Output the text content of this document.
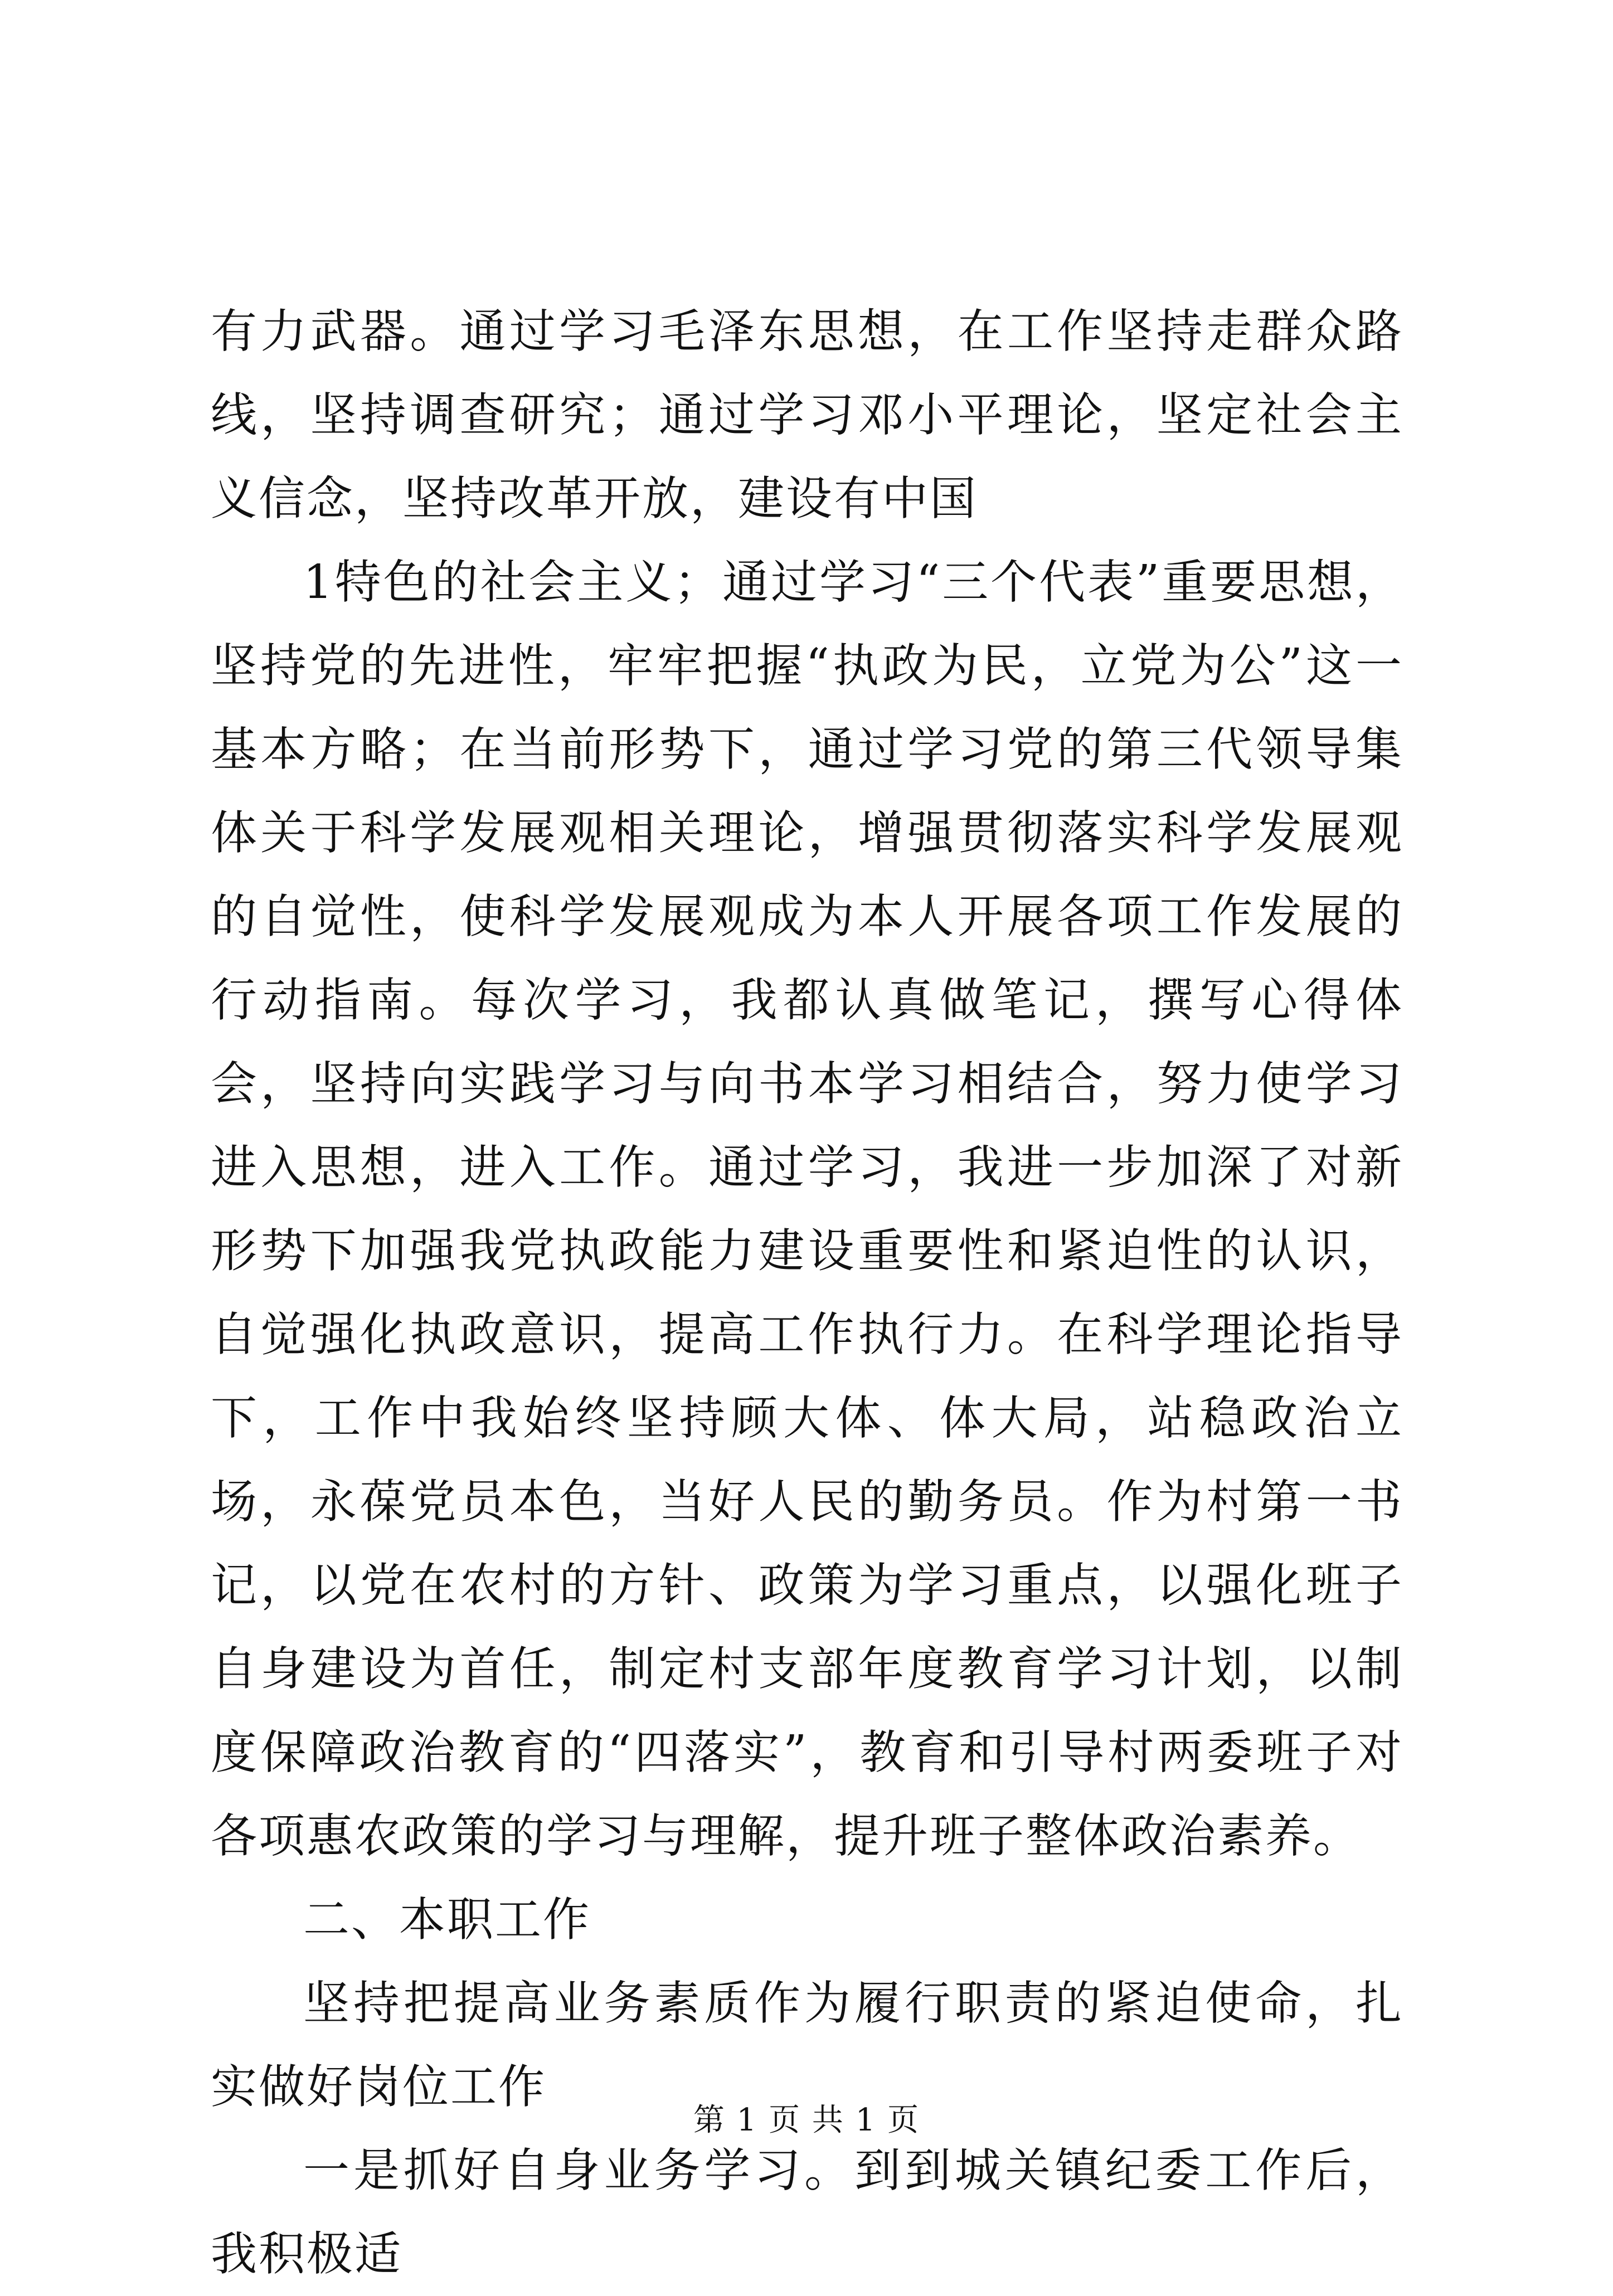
有力武器。通过学习毛泽东思想，在工作坚持走群众路线，坚持调查研究；通过学习邓小平理论，坚定社会主义信念，坚持改革开放，建设有中国

1特色的社会主义；通过学习“三个代表”重要思想，坚持党的先进性，牢牢把握“执政为民，立党为公”这一基本方略；在当前形势下，通过学习党的第三代领导集体关于科学发展观相关理论，增强贯彻落实科学发展观的自觉性，使科学发展观成为本人开展各项工作发展的行动指南。每次学习，我都认真做笔记，撰写心得体会，坚持向实践学习与向书本学习相结合，努力使学习进入思想，进入工作。通过学习，我进一步加深了对新形势下加强我党执政能力建设重要性和紧迫性的认识，自觉强化执政意识，提高工作执行力。在科学理论指导下，工作中我始终坚持顾大体、体大局，站稳政治立场，永葆党员本色，当好人民的勤务员。作为村第一书记，以党在农村的方针、政策为学习重点，以强化班子自身建设为首任，制定村支部年度教育学习计划，以制度保障政治教育的“四落实”，教育和引导村两委班子对各项惠农政策的学习与理解，提升班子整体政治素养。

二、本职工作

坚持把提高业务素质作为履行职责的紧迫使命，扎实做好岗位工作

一是抓好自身业务学习。到到城关镇纪委工作后，我积极适

第 1 页 共 1 页
